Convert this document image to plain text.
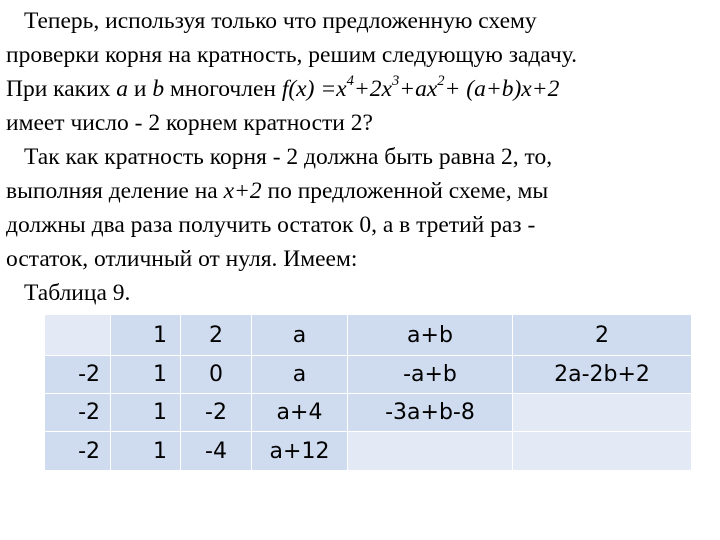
Теперь, используя только что предложенную схему
проверки корня на кратность, решим следующую задачу.
При каких a и b многочлен $f(x) =x^4+2x^3+ax^2+ (a+b)x+2$
имеет число - 2 корнем кратности 2?
Так как кратность корня - 2 должна быть равна 2, то,
выполняя деление на x+2 по предложенной схеме, мы
должны два раза получить остаток 0, а в третий раз -
остаток, отличный от нуля. Имеем:
Таблица 9.
	1	2	a	a+b	2
-2	1	0	a	-a+b	2a-2b+2
-2	1	-2	a+4	-3a+b-8	
-2	1	-4	a+12		
